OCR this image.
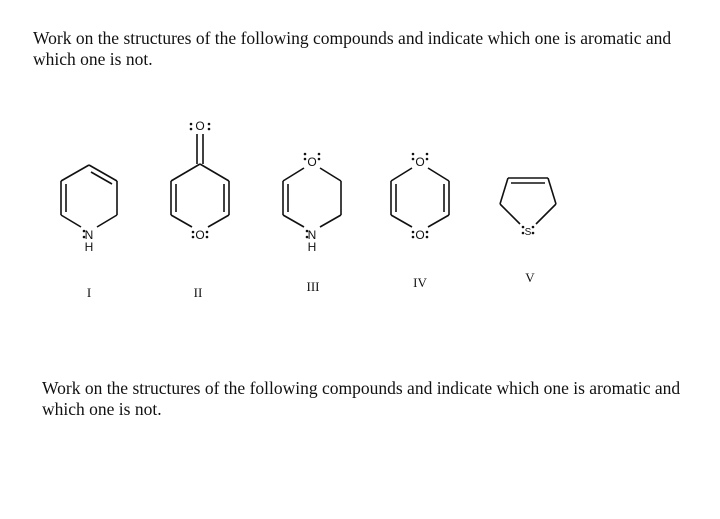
Work on the structures of the following compounds and indicate which one is aromatic and
which one is not.
N
H
I
O
O
II
O
N
H
III
O
O
IV
S
V
Work on the structures of the following compounds and indicate which one is aromatic and
which one is not.
